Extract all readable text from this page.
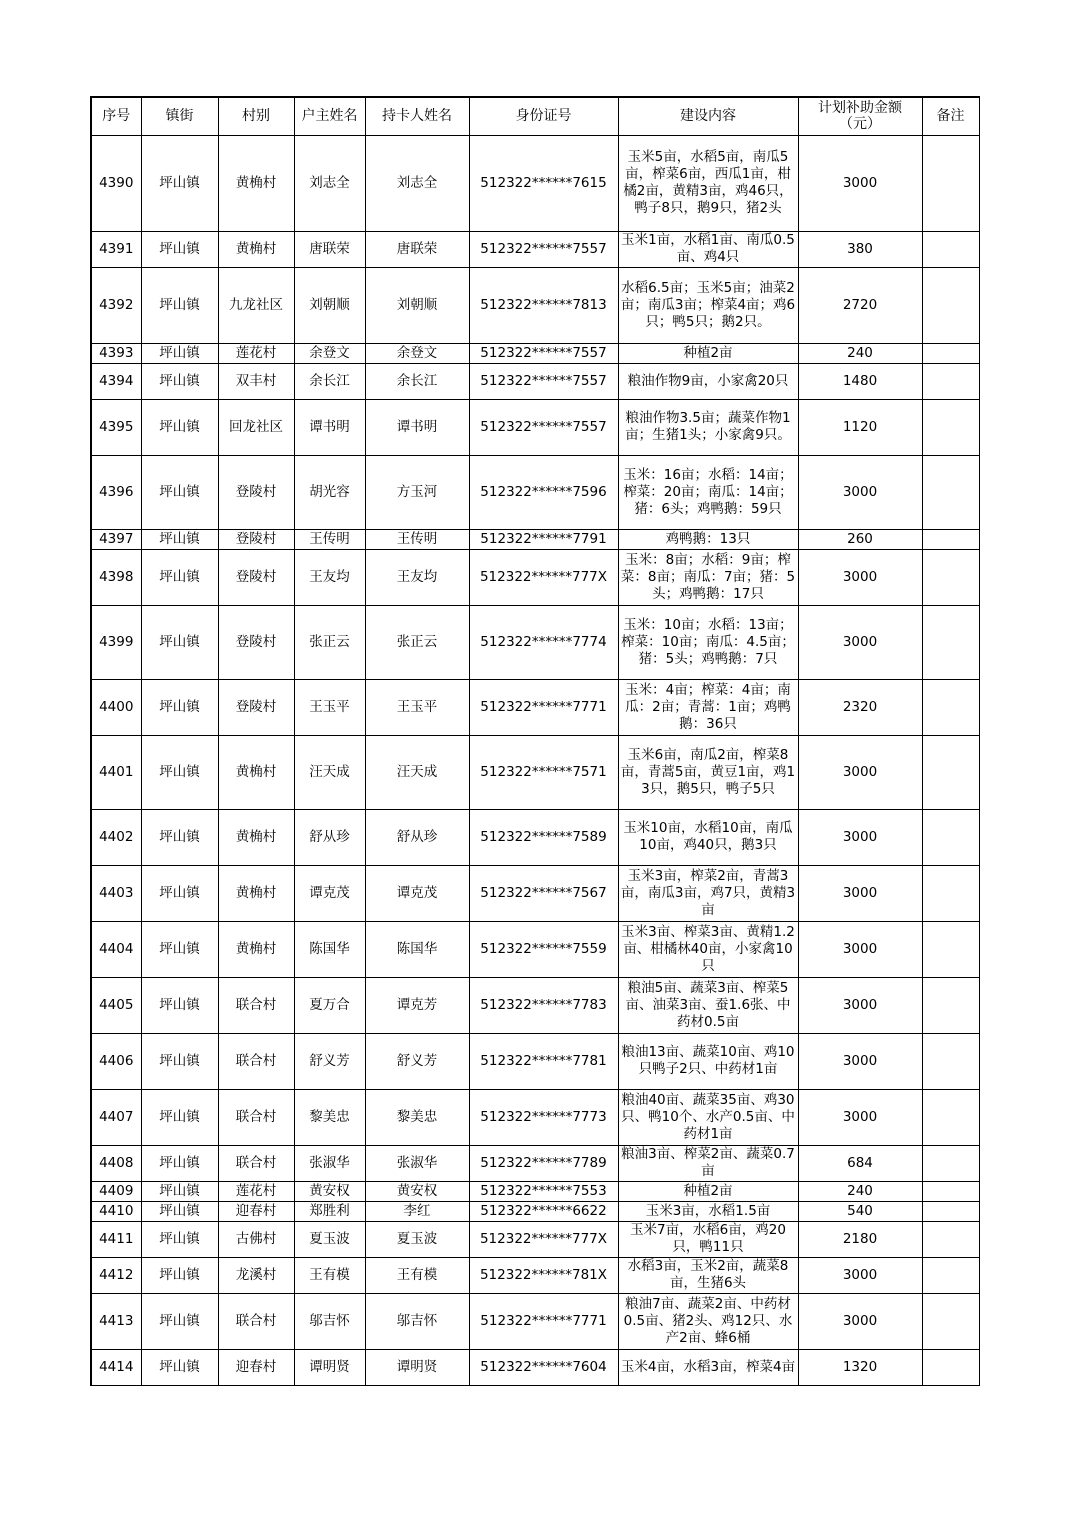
序号	镇街	村别	户主姓名	持卡人姓名	身份证号	建设内容	计划补助金额（元）	备注
4390	坪山镇	黄桷村	刘志全	刘志全	512322******7615	玉米5亩，水稻5亩，南瓜5亩，榨菜6亩，西瓜1亩，柑橘2亩，黄精3亩，鸡46只，鸭子8只，鹅9只，猪2头	3000	
4391	坪山镇	黄桷村	唐联荣	唐联荣	512322******7557	玉米1亩，水稻1亩、南瓜0.5亩、鸡4只	380	
4392	坪山镇	九龙社区	刘朝顺	刘朝顺	512322******7813	水稻6.5亩；玉米5亩；油菜2亩；南瓜3亩；榨菜4亩；鸡6只；鸭5只；鹅2只。	2720	
4393	坪山镇	莲花村	余登文	余登文	512322******7557	种植2亩	240	
4394	坪山镇	双丰村	余长江	余长江	512322******7557	粮油作物9亩，小家禽20只	1480	
4395	坪山镇	回龙社区	谭书明	谭书明	512322******7557	粮油作物3.5亩；蔬菜作物1亩；生猪1头；小家禽9只。	1120	
4396	坪山镇	登陵村	胡光容	方玉河	512322******7596	玉米：16亩；水稻：14亩；榨菜：20亩；南瓜：14亩；猪：6头；鸡鸭鹅：59只	3000	
4397	坪山镇	登陵村	王传明	王传明	512322******7791	鸡鸭鹅：13只	260	
4398	坪山镇	登陵村	王友均	王友均	512322******777X	玉米：8亩；水稻：9亩；榨菜：8亩；南瓜：7亩；猪：5头；鸡鸭鹅：17只	3000	
4399	坪山镇	登陵村	张正云	张正云	512322******7774	玉米：10亩；水稻：13亩；榨菜：10亩；南瓜：4.5亩；猪：5头；鸡鸭鹅：7只	3000	
4400	坪山镇	登陵村	王玉平	王玉平	512322******7771	玉米：4亩；榨菜：4亩；南瓜：2亩；青蒿：1亩；鸡鸭鹅：36只	2320	
4401	坪山镇	黄桷村	汪天成	汪天成	512322******7571	玉米6亩，南瓜2亩，榨菜8亩，青蒿5亩，黄豆1亩，鸡13只，鹅5只，鸭子5只	3000	
4402	坪山镇	黄桷村	舒从珍	舒从珍	512322******7589	玉米10亩，水稻10亩，南瓜10亩，鸡40只，鹅3只	3000	
4403	坪山镇	黄桷村	谭克茂	谭克茂	512322******7567	玉米3亩，榨菜2亩，青蒿3亩，南瓜3亩，鸡7只，黄精3亩	3000	
4404	坪山镇	黄桷村	陈国华	陈国华	512322******7559	玉米3亩、榨菜3亩、黄精1.2亩、柑橘林40亩，小家禽10只	3000	
4405	坪山镇	联合村	夏万合	谭克芳	512322******7783	粮油5亩、蔬菜3亩、榨菜5亩、油菜3亩、蚕1.6张、中药材0.5亩	3000	
4406	坪山镇	联合村	舒义芳	舒义芳	512322******7781	粮油13亩、蔬菜10亩、鸡10只鸭子2只、中药材1亩	3000	
4407	坪山镇	联合村	黎美忠	黎美忠	512322******7773	粮油40亩、蔬菜35亩、鸡30只、鸭10个、水产0.5亩、中药材1亩	3000	
4408	坪山镇	联合村	张淑华	张淑华	512322******7789	粮油3亩、榨菜2亩、蔬菜0.7亩	684	
4409	坪山镇	莲花村	黄安权	黄安权	512322******7553	种植2亩	240	
4410	坪山镇	迎春村	郑胜利	李红	512322******6622	玉米3亩，水稻1.5亩	540	
4411	坪山镇	古佛村	夏玉波	夏玉波	512322******777X	玉米7亩，水稻6亩，鸡20只，鸭11只	2180	
4412	坪山镇	龙溪村	王有模	王有模	512322******781X	水稻3亩，玉米2亩，蔬菜8亩，生猪6头	3000	
4413	坪山镇	联合村	邬吉怀	邬吉怀	512322******7771	粮油7亩、蔬菜2亩、中药材0.5亩、猪2头、鸡12只、水产2亩、蜂6桶	3000	
4414	坪山镇	迎春村	谭明贤	谭明贤	512322******7604	玉米4亩，水稻3亩，榨菜4亩	1320	
